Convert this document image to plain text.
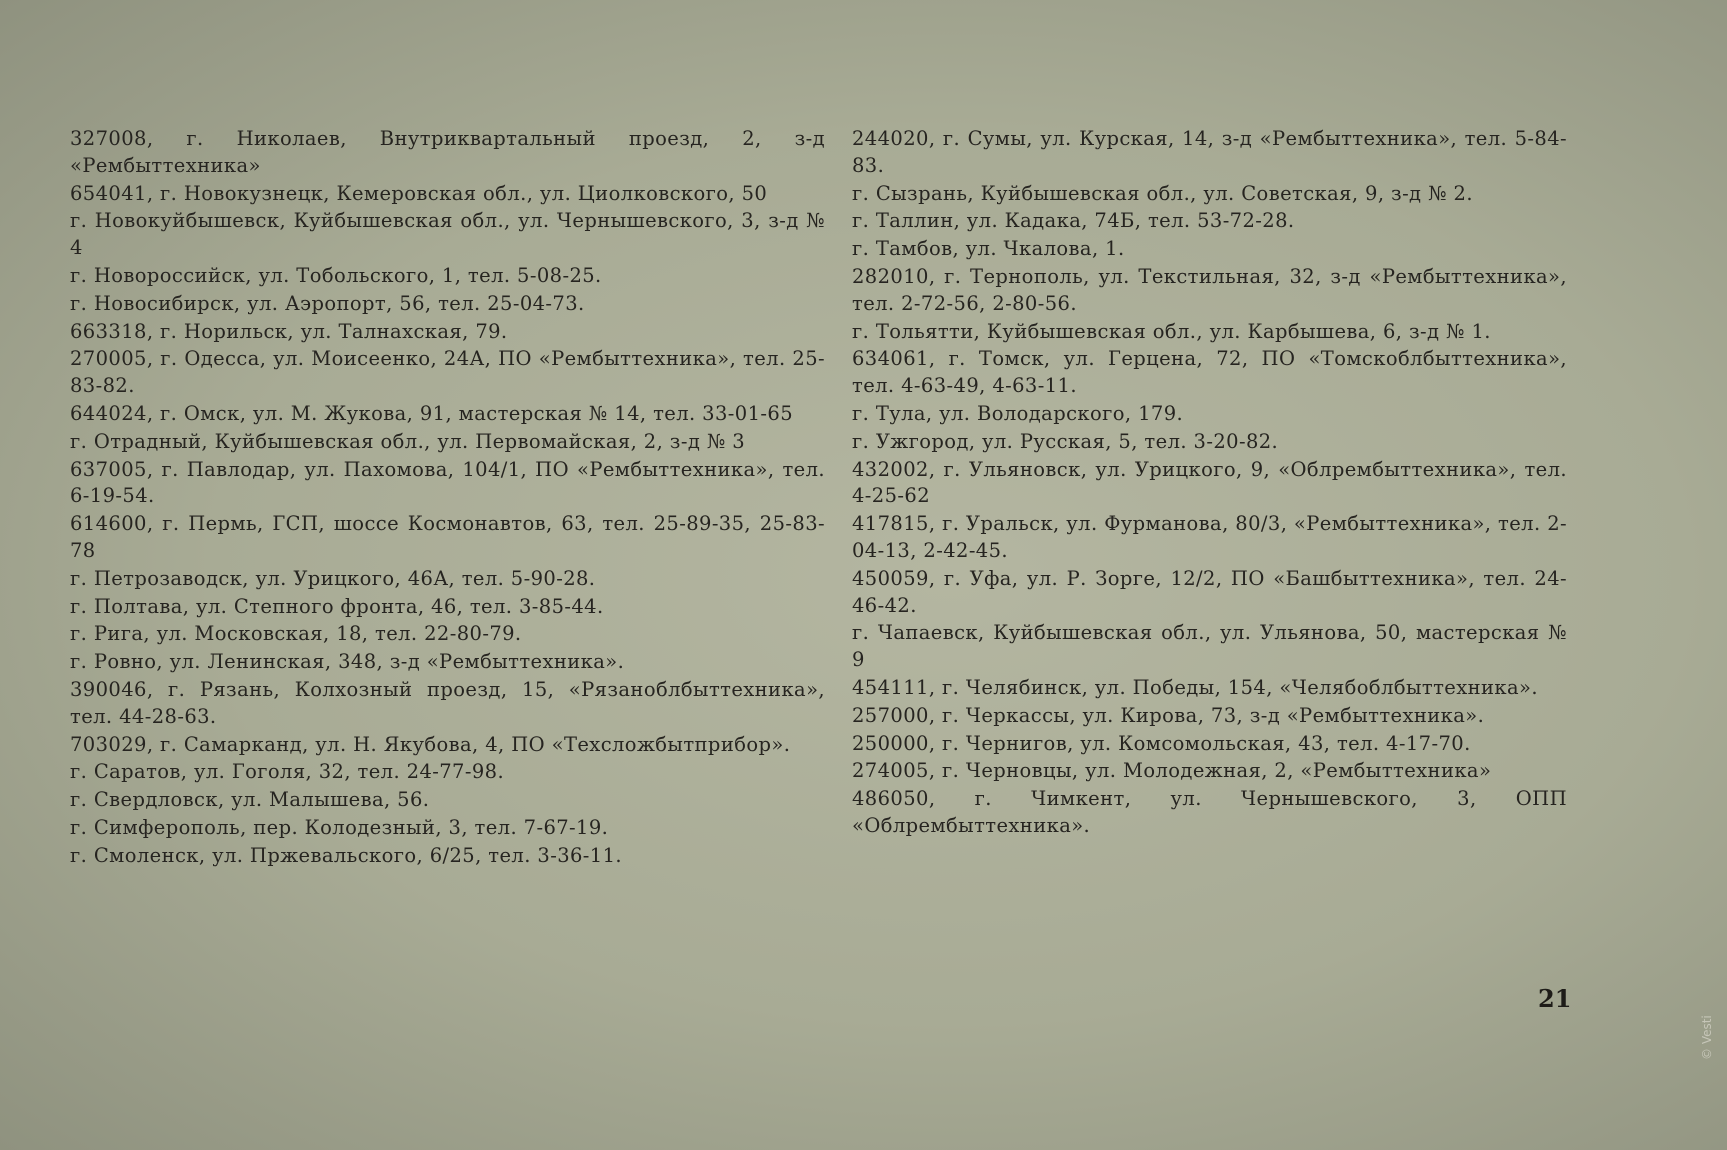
327008, г. Николаев, Внутриквартальный проезд, 2, з-д «Рембыттехника»

654041, г. Новокузнецк, Кемеровская обл., ул. Циолковского, 50

г. Новокуйбышевск, Куйбышевская обл., ул. Чернышевского, 3, з-д № 4

г. Новороссийск, ул. Тобольского, 1, тел. 5-08-25.

г. Новосибирск, ул. Аэропорт, 56, тел. 25-04-73.

663318, г. Норильск, ул. Талнахская, 79.

270005, г. Одесса, ул. Моисеенко, 24А, ПО «Рембыттехника», тел. 25-83-82.

644024, г. Омск, ул. М. Жукова, 91, мастерская № 14, тел. 33-01-65

г. Отрадный, Куйбышевская обл., ул. Первомайская, 2, з-д № 3

637005, г. Павлодар, ул. Пахомова, 104/1, ПО «Рембыттехника», тел. 6-19-54.

614600, г. Пермь, ГСП, шоссе Космонавтов, 63, тел. 25-89-35, 25-83-78

г. Петрозаводск, ул. Урицкого, 46А, тел. 5-90-28.

г. Полтава, ул. Степного фронта, 46, тел. 3-85-44.

г. Рига, ул. Московская, 18, тел. 22-80-79.

г. Ровно, ул. Ленинская, 348, з-д «Рембыттехника».

390046, г. Рязань, Колхозный проезд, 15, «Рязаноблбыттехника», тел. 44-28-63.

703029, г. Самарканд, ул. Н. Якубова, 4, ПО «Техсложбытприбор».

г. Саратов, ул. Гоголя, 32, тел. 24-77-98.

г. Свердловск, ул. Малышева, 56.

г. Симферополь, пер. Колодезный, 3, тел. 7-67-19.

г. Смоленск, ул. Пржевальского, 6/25, тел. 3-36-11.

244020, г. Сумы, ул. Курская, 14, з-д «Рембыттехника», тел. 5-84-83.

г. Сызрань, Куйбышевская обл., ул. Советская, 9, з-д № 2.

г. Таллин, ул. Кадака, 74Б, тел. 53-72-28.

г. Тамбов, ул. Чкалова, 1.

282010, г. Тернополь, ул. Текстильная, 32, з-д «Рембыттехника», тел. 2-72-56, 2-80-56.

г. Тольятти, Куйбышевская обл., ул. Карбышева, 6, з-д № 1.

634061, г. Томск, ул. Герцена, 72, ПО «Томскоблбыттехника», тел. 4-63-49, 4-63-11.

г. Тула, ул. Володарского, 179.

г. Ужгород, ул. Русская, 5, тел. 3-20-82.

432002, г. Ульяновск, ул. Урицкого, 9, «Облрембыттехника», тел. 4-25-62

417815, г. Уральск, ул. Фурманова, 80/3, «Рембыттехника», тел. 2-04-13, 2-42-45.

450059, г. Уфа, ул. Р. Зорге, 12/2, ПО «Башбыттехника», тел. 24-46-42.

г. Чапаевск, Куйбышевская обл., ул. Ульянова, 50, мастерская № 9

454111, г. Челябинск, ул. Победы, 154, «Челябоблбыттехника».

257000, г. Черкассы, ул. Кирова, 73, з-д «Рембыттехника».

250000, г. Чернигов, ул. Комсомольская, 43, тел. 4-17-70.

274005, г. Черновцы, ул. Молодежная, 2, «Рембыттехника»

486050, г. Чимкент, ул. Чернышевского, 3, ОПП «Облрембыттехника».

21
© Vesti
